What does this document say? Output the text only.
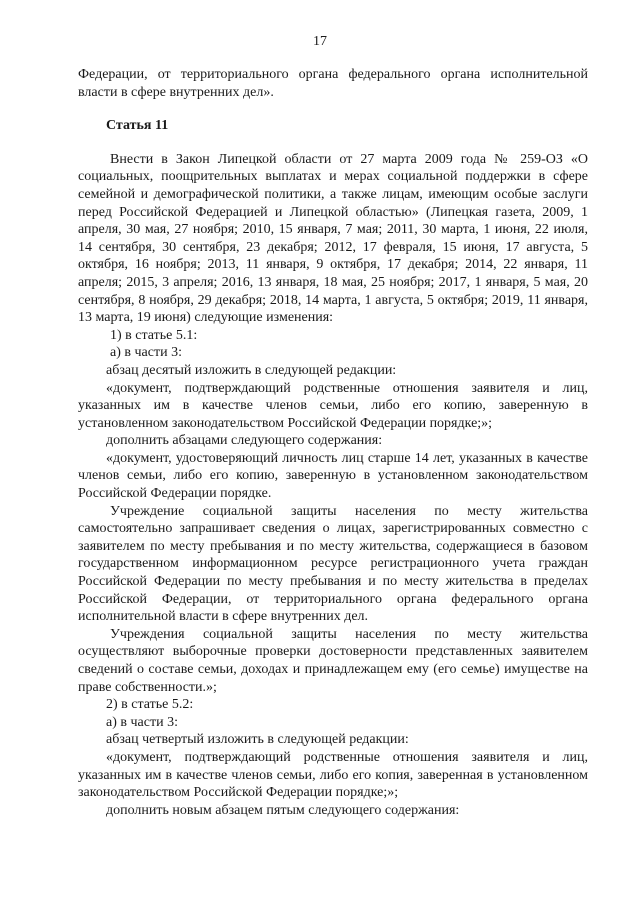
17

Федерации, от территориального органа федерального органа исполнительной власти в сфере внутренних дел».

Статья 11

Внести в Закон Липецкой области от 27 марта 2009 года № 259-ОЗ «О социальных, поощрительных выплатах и мерах социальной поддержки в сфере семейной и демографической политики, а также лицам, имеющим особые заслуги перед Российской Федерацией и Липецкой областью» (Липецкая газета, 2009, 1 апреля, 30 мая, 27 ноября; 2010, 15 января, 7 мая; 2011, 30 марта, 1 июня, 22 июля, 14 сентября, 30 сентября, 23 декабря; 2012, 17 февраля, 15 июня, 17 августа, 5 октября, 16 ноября; 2013, 11 января, 9 октября, 17 декабря; 2014, 22 января, 11 апреля; 2015, 3 апреля; 2016, 13 января, 18 мая, 25 ноября; 2017, 1 января, 5 мая, 20 сентября, 8 ноября, 29 декабря; 2018, 14 марта, 1 августа, 5 октября; 2019, 11 января, 13 марта, 19 июня) следующие изменения:

1) в статье 5.1:

а) в части 3:

абзац десятый изложить в следующей редакции:

«документ, подтверждающий родственные отношения заявителя и лиц, указанных им в качестве членов семьи, либо его копию, заверенную в установленном законодательством Российской Федерации порядке;»;

дополнить абзацами следующего содержания:

«документ, удостоверяющий личность лиц старше 14 лет, указанных в качестве членов семьи, либо его копию, заверенную в установленном законодательством Российской Федерации порядке.

Учреждение социальной защиты населения по месту жительства самостоятельно запрашивает сведения о лицах, зарегистрированных совместно с заявителем по месту пребывания и по месту жительства, содержащиеся в базовом государственном информационном ресурсе регистрационного учета граждан Российской Федерации по месту пребывания и по месту жительства в пределах Российской Федерации, от территориального органа федерального органа исполнительной власти в сфере внутренних дел.

Учреждения социальной защиты населения по месту жительства осуществляют выборочные проверки достоверности представленных заявителем сведений о составе семьи, доходах и принадлежащем ему (его семье) имуществе на праве собственности.»;

2) в статье 5.2:

а) в части 3:

абзац четвертый изложить в следующей редакции:

«документ, подтверждающий родственные отношения заявителя и лиц, указанных им в качестве членов семьи, либо его копия, заверенная в установленном законодательством Российской Федерации порядке;»;

дополнить новым абзацем пятым следующего содержания:
